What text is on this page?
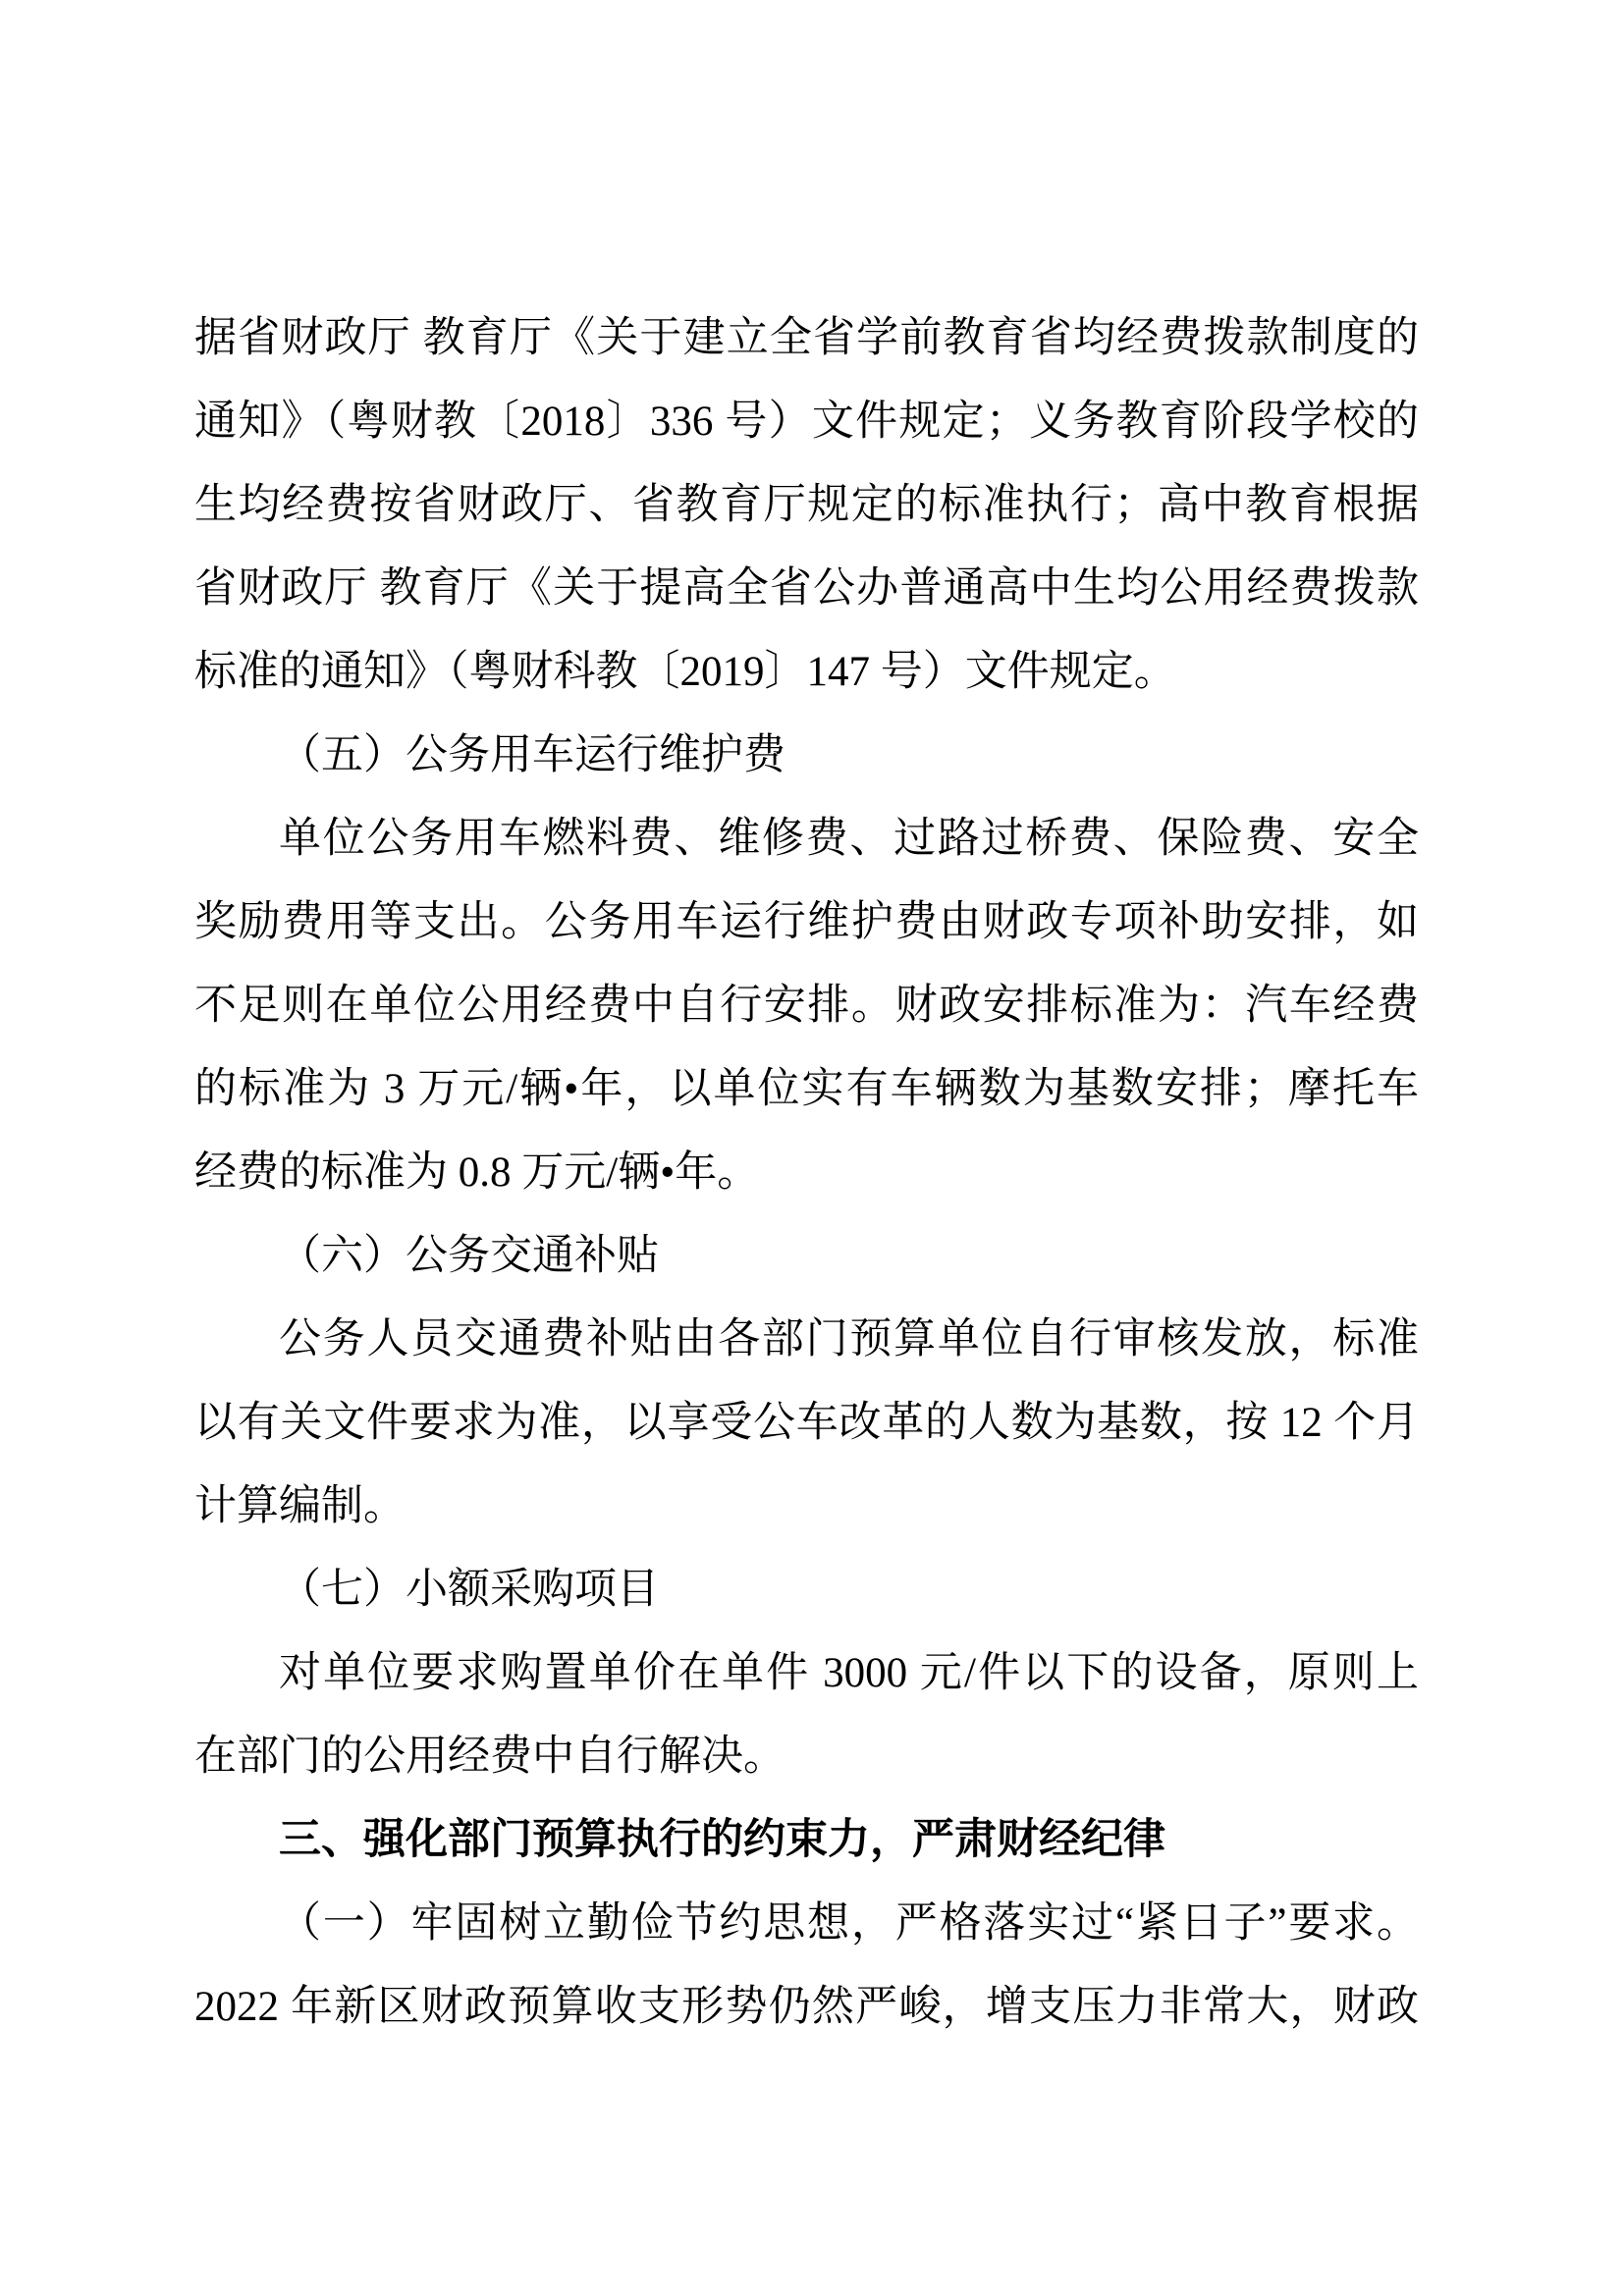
据省财政厅 教育厅《关于建立全省学前教育省均经费拨款制度的
通知》（粤财教〔2018〕336 号）文件规定；义务教育阶段学校的
生均经费按省财政厅、省教育厅规定的标准执行；高中教育根据
省财政厅 教育厅《关于提高全省公办普通高中生均公用经费拨款
标准的通知》（粤财科教〔2019〕147 号）文件规定。
（五）公务用车运行维护费
单位公务用车燃料费、维修费、过路过桥费、保险费、安全
奖励费用等支出。公务用车运行维护费由财政专项补助安排，如
不足则在单位公用经费中自行安排。财政安排标准为：汽车经费
的标准为 3 万元/辆•年，以单位实有车辆数为基数安排；摩托车
经费的标准为 0.8 万元/辆•年。
（六）公务交通补贴
公务人员交通费补贴由各部门预算单位自行审核发放，标准
以有关文件要求为准，以享受公车改革的人数为基数，按 12 个月
计算编制。
（七）小额采购项目
对单位要求购置单价在单件 3000 元/件以下的设备，原则上
在部门的公用经费中自行解决。
三、强化部门预算执行的约束力，严肃财经纪律
（一）牢固树立勤俭节约思想，严格落实过“紧日子”要求。
2022 年新区财政预算收支形势仍然严峻，增支压力非常大，财政
